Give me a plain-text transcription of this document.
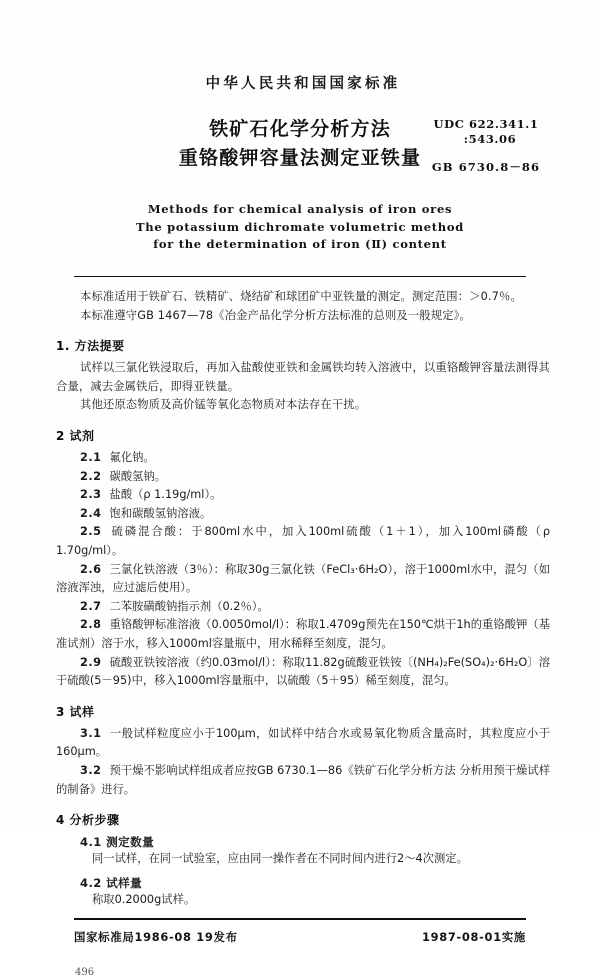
中华人民共和国国家标准
铁矿石化学分析方法
重铬酸钾容量法测定亚铁量
UDC 622.341.1
:543.06
GB 6730.8－86
Methods for chemical analysis of iron ores
The potassium dichromate volumetric method
for the determination of iron (Ⅱ) content
本标准适用于铁矿石、铁精矿、烧结矿和球团矿中亚铁量的测定。测定范围：＞0.7％。
本标准遵守GB 1467—78《冶金产品化学分析方法标准的总则及一般规定》。
1. 方法提要
试样以三氯化铁浸取后，再加入盐酸使亚铁和金属铁均转入溶液中，以重铬酸钾容量法测得其合量，减去金属铁后，即得亚铁量。
其他还原态物质及高价锰等氧化态物质对本法存在干扰。
2 试剂
2.1 氟化钠。
2.2 碳酸氢钠。
2.3 盐酸（ρ 1.19g/ml）。
2.4 饱和碳酸氢钠溶液。
2.5 硫磷混合酸：于800ml水中，加入100ml硫酸（1＋1），加入100ml磷酸（ρ 1.70g/ml）。
2.6 三氯化铁溶液（3％）：称取30g三氯化铁（FeCl₃·6H₂O），溶于1000ml水中，混匀（如溶液浑浊，应过滤后使用）。
2.7 二苯胺磺酸钠指示剂（0.2％）。
2.8 重铬酸钾标准溶液（0.0050mol/l）：称取1.4709g预先在150℃烘干1h的重铬酸钾（基准试剂）溶于水，移入1000ml容量瓶中，用水稀释至刻度，混匀。
2.9 硫酸亚铁铵溶液（约0.03mol/l）：称取11.82g硫酸亚铁铵〔(NH₄)₂Fe(SO₄)₂·6H₂O〕溶于硫酸(5－95)中，移入1000ml容量瓶中，以硫酸（5＋95）稀至刻度，混匀。
3 试样
3.1 一般试样粒度应小于100μm，如试样中结合水或易氧化物质含量高时，其粒度应小于160μm。
3.2 预干燥不影响试样组成者应按GB 6730.1—86《铁矿石化学分析方法 分析用预干燥试样的制备》进行。
4 分析步骤
4.1 测定数量
同一试样，在同一试验室，应由同一操作者在不同时间内进行2～4次测定。
4.2 试样量
称取0.2000g试样。
国家标准局1986-08 19发布	1987-08-01实施
496
